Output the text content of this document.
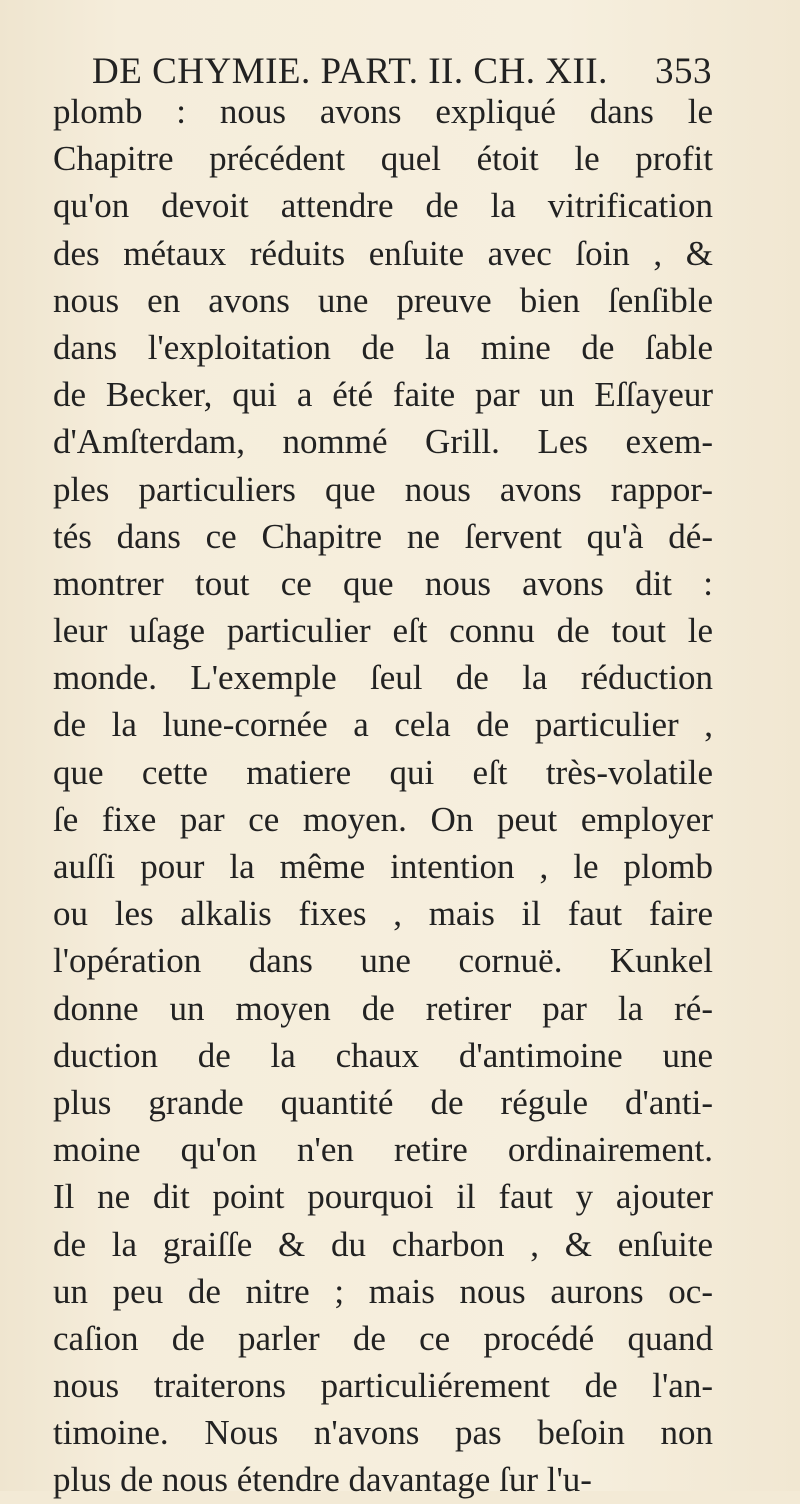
DE CHYMIE. PART. II. CH. XII. 353
plomb : nous avons expliqué dans le
Chapitre précédent quel étoit le profit
qu'on devoit attendre de la vitrification
des métaux réduits enſuite avec ſoin , &
nous en avons une preuve bien ſenſible
dans l'exploitation de la mine de ſable
de Becker, qui a été faite par un Eſſayeur
d'Amſterdam, nommé Grill. Les exem-
ples particuliers que nous avons rappor-
tés dans ce Chapitre ne ſervent qu'à dé-
montrer tout ce que nous avons dit :
leur uſage particulier eſt connu de tout le
monde. L'exemple ſeul de la réduction
de la lune-cornée a cela de particulier ,
que cette matiere qui eſt très-volatile
ſe fixe par ce moyen. On peut employer
auſſi pour la même intention , le plomb
ou les alkalis fixes , mais il faut faire
l'opération dans une cornuë. Kunkel
donne un moyen de retirer par la ré-
duction de la chaux d'antimoine une
plus grande quantité de régule d'anti-
moine qu'on n'en retire ordinairement.
Il ne dit point pourquoi il faut y ajouter
de la graiſſe & du charbon , & enſuite
un peu de nitre ; mais nous aurons oc-
caſion de parler de ce procédé quand
nous traiterons particuliérement de l'an-
timoine. Nous n'avons pas beſoin non
plus de nous étendre davantage ſur l'u-
